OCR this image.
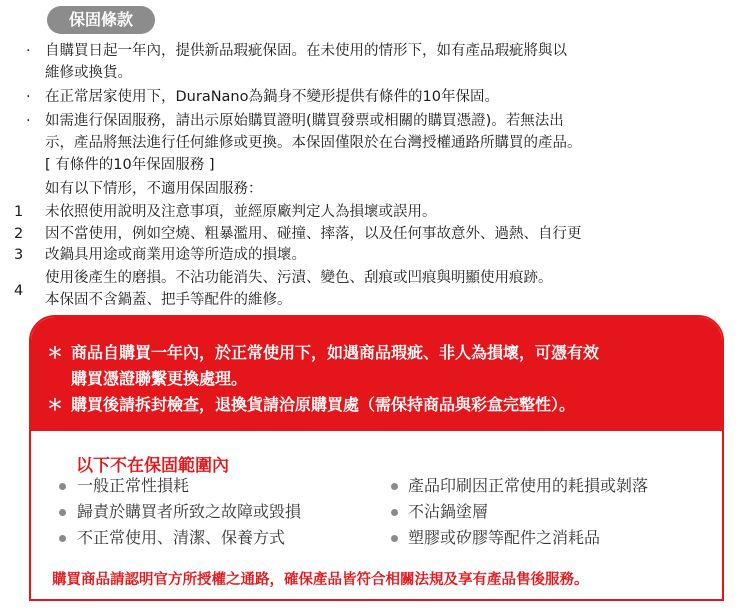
保固條款
· 自購買日起一年內，提供新品瑕疵保固。在未使用的情形下，如有產品瑕疵將與以
維修或換貨。
· 在正常居家使用下，DuraNano為鍋身不變形提供有條件的10年保固。
· 如需進行保固服務，請出示原始購買證明(購買發票或相關的購買憑證)。若無法出
示，產品將無法進行任何維修或更換。本保固僅限於在台灣授權通路所購買的產品。
[ 有條件的10年保固服務 ]
如有以下情形，不適用保固服務：
1 未依照使用說明及注意事項，並經原廠判定人為損壞或誤用。
2 因不當使用，例如空燒、粗暴濫用、碰撞、摔落，以及任何事故意外、過熱、自行更
3 改鍋具用途或商業用途等所造成的損壞。
使用後產生的磨損。不沾功能消失、污漬、變色、刮痕或凹痕與明顯使用痕跡。
4
本保固不含鍋蓋、把手等配件的維修。
＊ 商品自購買一年內，於正常使用下，如遇商品瑕疵、非人為損壞，可憑有效
購買憑證聯繫更換處理。
＊ 購買後請拆封檢查，退換貨請洽原購買處（需保持商品與彩盒完整性）。
以下不在保固範圍內
一般正常性損耗
歸責於購買者所致之故障或毀損
不正常使用、清潔、保養方式
產品印刷因正常使用的耗損或剝落
不沾鍋塗層
塑膠或矽膠等配件之消耗品
購買商品請認明官方所授權之通路，確保產品皆符合相關法規及享有產品售後服務。
